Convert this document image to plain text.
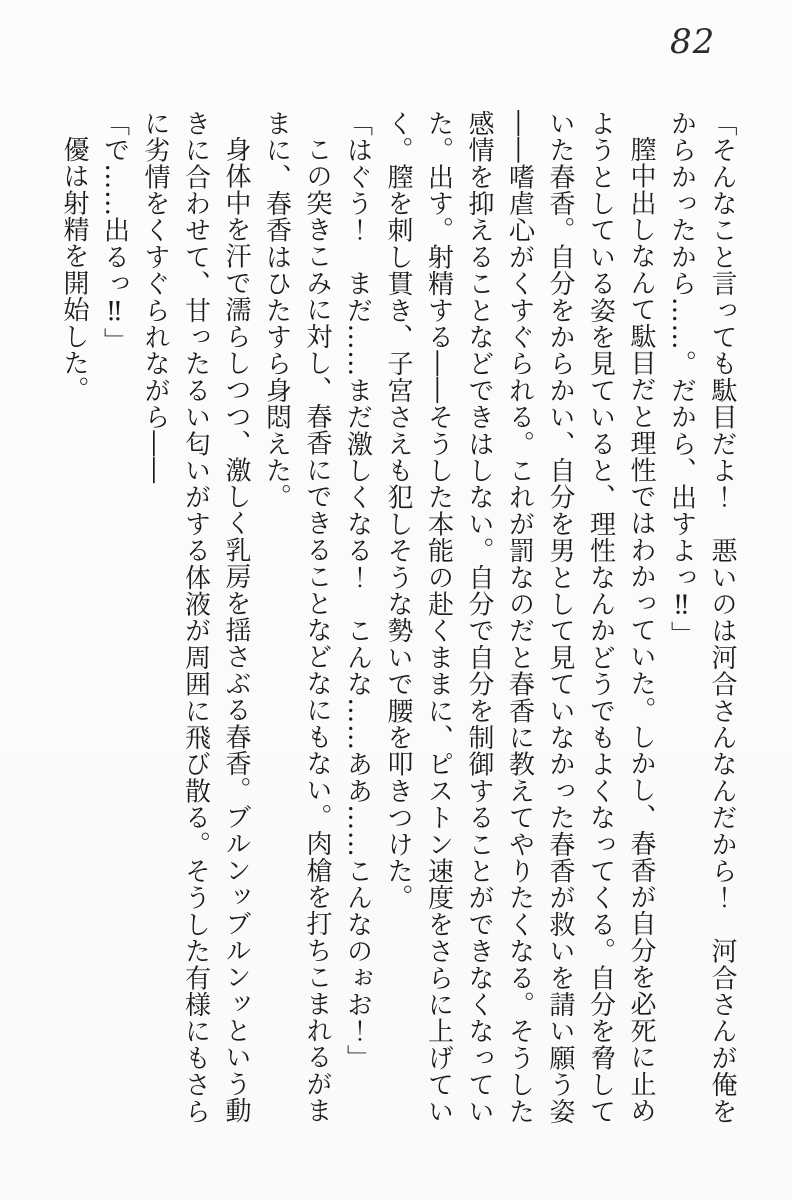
82

「そんなこと言っても駄目だよ！　悪いのは河合さんなんだから！　河合さんが俺を

からかったから……。だから、出すよっ‼」

膣中出しなんて駄目だと理性ではわかっていた。しかし、春香が自分を必死に止め

ようとしている姿を見ていると、理性なんかどうでもよくなってくる。自分を脅して

いた春香。自分をからかい、自分を男として見ていなかった春香が救いを請い願う姿

――嗜虐心がくすぐられる。これが罰なのだと春香に教えてやりたくなる。そうした

感情を抑えることなどできはしない。自分で自分を制御することができなくなってい

た。出す。射精する――そうした本能の赴くままに、ピストン速度をさらに上げてい

く。膣を刺し貫き、子宮さえも犯しそうな勢いで腰を叩きつけた。

「はぐう！　まだ……まだ激しくなる！　こんな……ああ……こんなのぉお！」

この突きこみに対し、春香にできることなどなにもない。肉槍を打ちこまれるがま

まに、春香はひたすら身悶えた。

身体中を汗で濡らしつつ、激しく乳房を揺さぶる春香。ブルンッブルンッという動

きに合わせて、甘ったるい匂いがする体液が周囲に飛び散る。そうした有様にもさら

に劣情をくすぐられながら――

「で……出るっ‼」

優は射精を開始した。
